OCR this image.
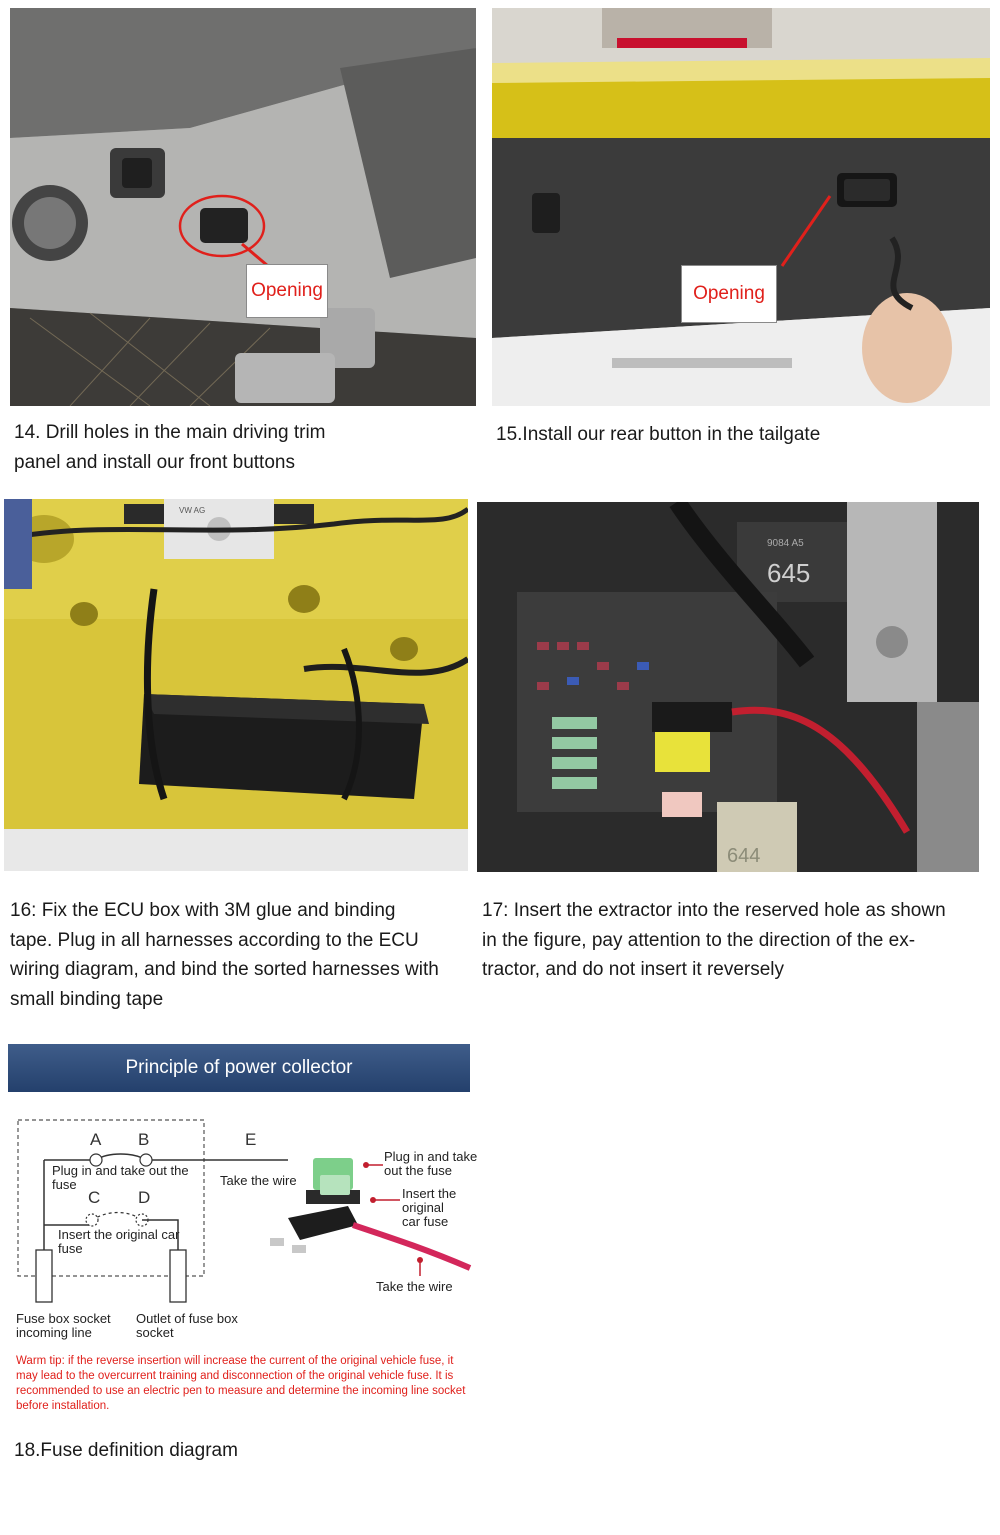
Opening
14. Drill holes in the main driving trim
panel and install our front buttons
Opening
15.Install our rear button in the tailgate
VW AG
16: Fix the ECU box with 3M glue and binding
tape. Plug in all harnesses according to the ECU
wiring diagram, and bind the sorted harnesses with
small binding tape
645
9084 A5
644
17: Insert the extractor into the reserved hole as shown
in the figure, pay attention to the direction of the ex-
tractor, and do not insert it reversely
Principle of power collector
A B
C D
E
Plug in and take out the
fuse
Insert the original car
fuse
Take the wire
Fuse box socket
incoming line
Outlet of fuse box
socket
Plug in and take
out the fuse
Insert the original
car fuse
Take the wire
Warm tip: if the reverse insertion will increase the current of the original vehicle fuse, it
may lead to the overcurrent training and disconnection of the original vehicle fuse. It is
recommended to use an electric pen to measure and determine the incoming line socket
before installation.
18.Fuse definition diagram
